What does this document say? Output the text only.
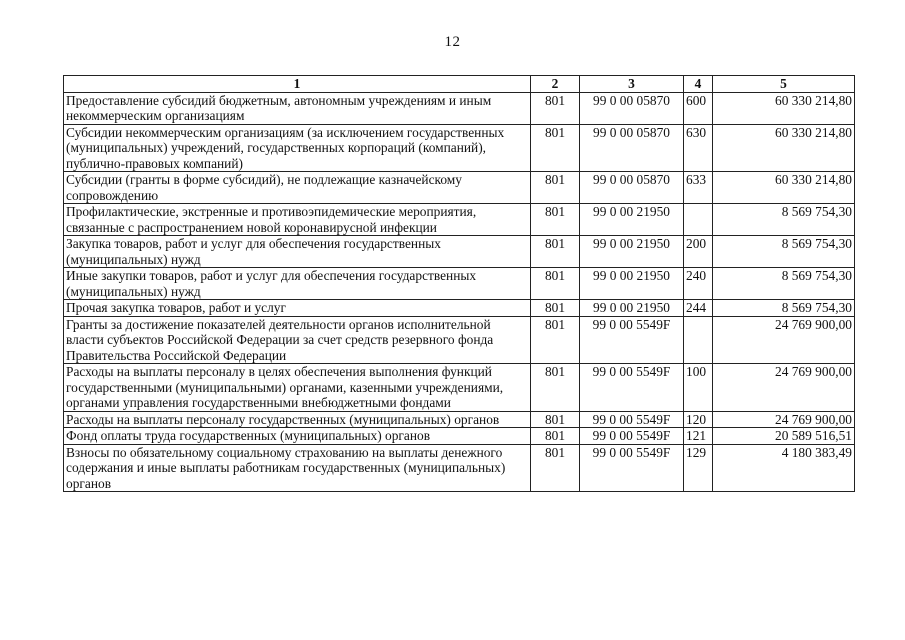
12
1	2	3	4	5
Предоставление субсидий бюджетным, автономным учреждениям и иным некоммерческим организациям	801	99 0 00 05870	600	60 330 214,80
Субсидии некоммерческим организациям (за исключением государственных (муниципальных) учреждений, государственных корпораций (компаний), публично-правовых компаний)	801	99 0 00 05870	630	60 330 214,80
Субсидии (гранты в форме субсидий), не подлежащие казначейскому сопровождению	801	99 0 00 05870	633	60 330 214,80
Профилактические, экстренные и противоэпидемические мероприятия, связанные с распространением новой коронавирусной инфекции	801	99 0 00 21950		8 569 754,30
Закупка товаров, работ и услуг для обеспечения государственных (муниципальных) нужд	801	99 0 00 21950	200	8 569 754,30
Иные закупки товаров, работ и услуг для обеспечения государственных (муниципальных) нужд	801	99 0 00 21950	240	8 569 754,30
Прочая закупка товаров, работ и услуг	801	99 0 00 21950	244	8 569 754,30
Гранты за достижение показателей деятельности органов исполнительной власти субъектов Российской Федерации за счет средств резервного фонда Правительства Российской Федерации	801	99 0 00 5549F		24 769 900,00
Расходы на выплаты персоналу в целях обеспечения выполнения функций государственными (муниципальными) органами, казенными учреждениями, органами управления государственными внебюджетными фондами	801	99 0 00 5549F	100	24 769 900,00
Расходы на выплаты персоналу государственных (муниципальных) органов	801	99 0 00 5549F	120	24 769 900,00
Фонд оплаты труда государственных (муниципальных) органов	801	99 0 00 5549F	121	20 589 516,51
Взносы по обязательному социальному страхованию на выплаты денежного содержания и иные выплаты работникам государственных (муниципальных) органов	801	99 0 00 5549F	129	4 180 383,49
